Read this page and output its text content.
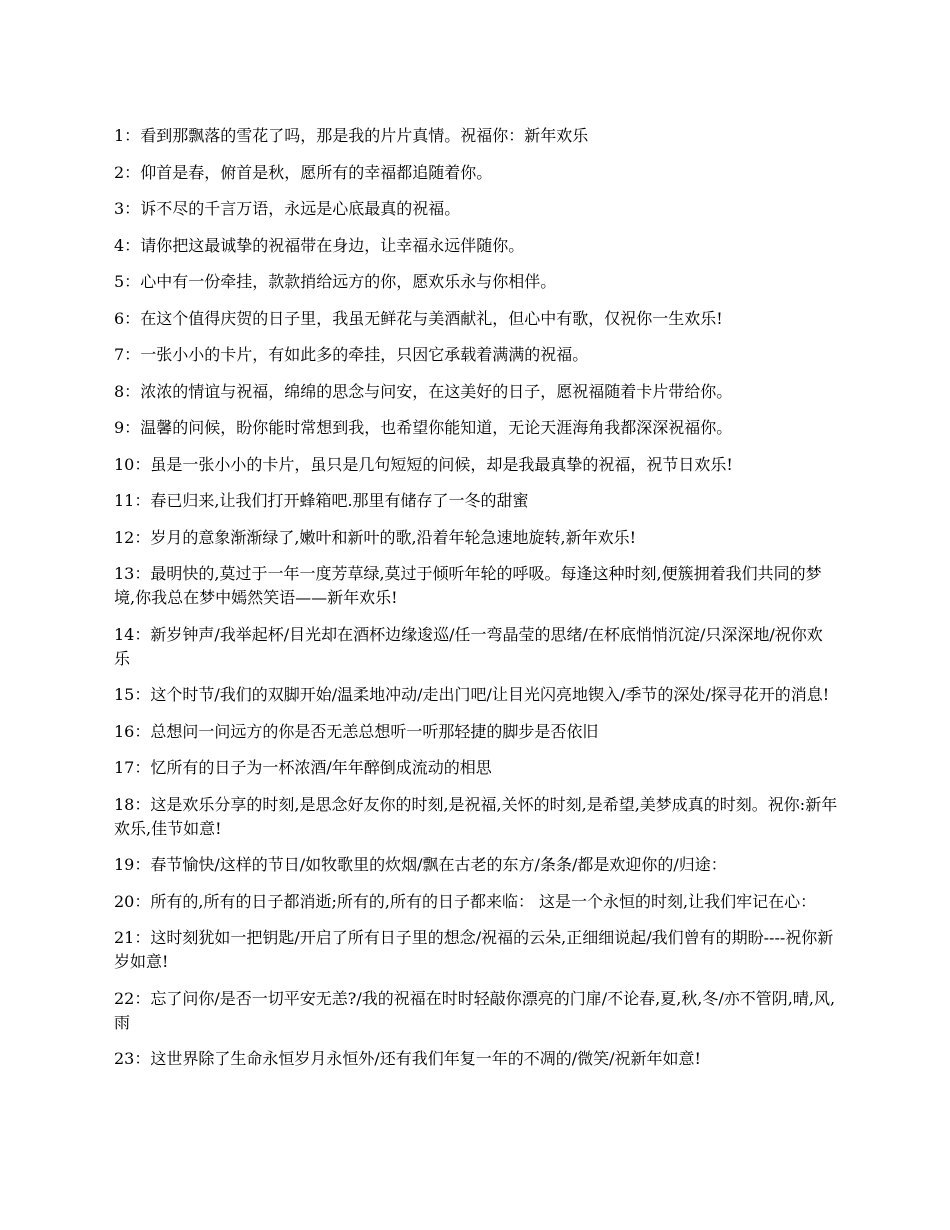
1：看到那飘落的雪花了吗，那是我的片片真情。祝福你：新年欢乐

2：仰首是春，俯首是秋，愿所有的幸福都追随着你。

3：诉不尽的千言万语，永远是心底最真的祝福。

4：请你把这最诚挚的祝福带在身边，让幸福永远伴随你。

5：心中有一份牵挂，款款捎给远方的你，愿欢乐永与你相伴。

6：在这个值得庆贺的日子里，我虽无鲜花与美酒献礼，但心中有歌，仅祝你一生欢乐!

7：一张小小的卡片，有如此多的牵挂，只因它承载着满满的祝福。

8：浓浓的情谊与祝福，绵绵的思念与问安，在这美好的日子，愿祝福随着卡片带给你。

9：温馨的问候，盼你能时常想到我，也希望你能知道，无论天涯海角我都深深祝福你。

10：虽是一张小小的卡片，虽只是几句短短的问候，却是我最真挚的祝福，祝节日欢乐!

11：春已归来,让我们打开蜂箱吧.那里有储存了一冬的甜蜜

12：岁月的意象渐渐绿了,嫩叶和新叶的歌,沿着年轮急速地旋转,新年欢乐!

13：最明快的,莫过于一年一度芳草绿,莫过于倾听年轮的呼吸。每逢这种时刻,便簇拥着我们共同的梦境,你我总在梦中嫣然笑语——新年欢乐!

14：新岁钟声/我举起杯/目光却在酒杯边缘逡巡/任一弯晶莹的思绪/在杯底悄悄沉淀/只深深地/祝你欢乐

15：这个时节/我们的双脚开始/温柔地冲动/走出门吧/让目光闪亮地锲入/季节的深处/探寻花开的消息!

16：总想问一问远方的你是否无恙总想听一听那轻捷的脚步是否依旧

17：忆所有的日子为一杯浓酒/年年醉倒成流动的相思

18：这是欢乐分享的时刻,是思念好友你的时刻,是祝福,关怀的时刻,是希望,美梦成真的时刻。祝你:新年欢乐,佳节如意!

19：春节愉快/这样的节日/如牧歌里的炊烟/飘在古老的东方/条条/都是欢迎你的/归途：

20：所有的,所有的日子都消逝;所有的,所有的日子都来临： 这是一个永恒的时刻,让我们牢记在心：

21：这时刻犹如一把钥匙/开启了所有日子里的想念/祝福的云朵,正细细说起/我们曾有的期盼----祝你新岁如意!

22：忘了问你/是否一切平安无恙?/我的祝福在时时轻敲你漂亮的门扉/不论春,夏,秋,冬/亦不管阴,晴,风,雨

23：这世界除了生命永恒岁月永恒外/还有我们年复一年的不凋的/微笑/祝新年如意!
